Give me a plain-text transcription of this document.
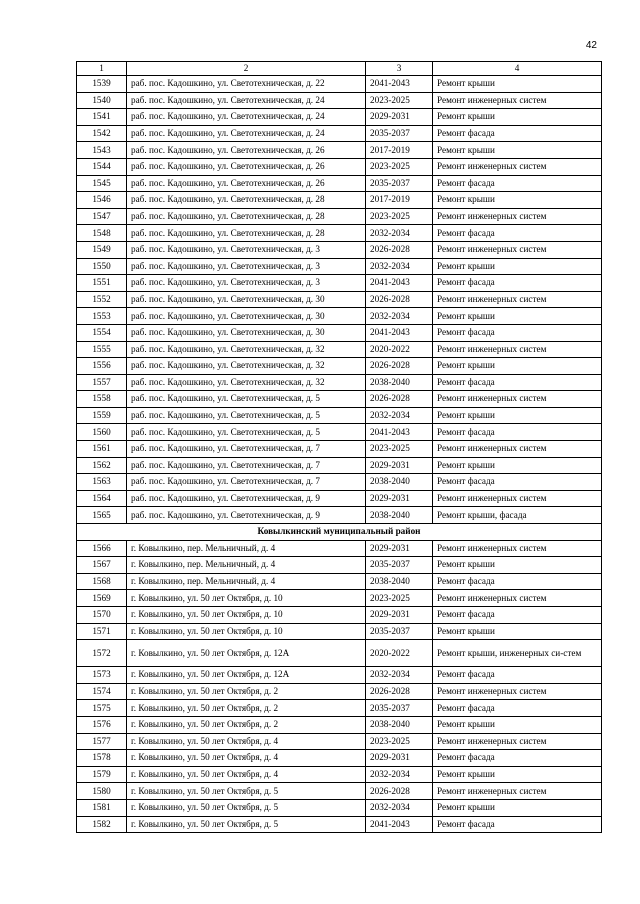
42
1	2	3	4
1539	раб. пос. Кадошкино, ул. Светотехническая, д. 22	2041-2043	Ремонт крыши
1540	раб. пос. Кадошкино, ул. Светотехническая, д. 24	2023-2025	Ремонт инженерных систем
1541	раб. пос. Кадошкино, ул. Светотехническая, д. 24	2029-2031	Ремонт крыши
1542	раб. пос. Кадошкино, ул. Светотехническая, д. 24	2035-2037	Ремонт фасада
1543	раб. пос. Кадошкино, ул. Светотехническая, д. 26	2017-2019	Ремонт крыши
1544	раб. пос. Кадошкино, ул. Светотехническая, д. 26	2023-2025	Ремонт инженерных систем
1545	раб. пос. Кадошкино, ул. Светотехническая, д. 26	2035-2037	Ремонт фасада
1546	раб. пос. Кадошкино, ул. Светотехническая, д. 28	2017-2019	Ремонт крыши
1547	раб. пос. Кадошкино, ул. Светотехническая, д. 28	2023-2025	Ремонт инженерных систем
1548	раб. пос. Кадошкино, ул. Светотехническая, д. 28	2032-2034	Ремонт фасада
1549	раб. пос. Кадошкино, ул. Светотехническая, д. 3	2026-2028	Ремонт инженерных систем
1550	раб. пос. Кадошкино, ул. Светотехническая, д. 3	2032-2034	Ремонт крыши
1551	раб. пос. Кадошкино, ул. Светотехническая, д. 3	2041-2043	Ремонт фасада
1552	раб. пос. Кадошкино, ул. Светотехническая, д. 30	2026-2028	Ремонт инженерных систем
1553	раб. пос. Кадошкино, ул. Светотехническая, д. 30	2032-2034	Ремонт крыши
1554	раб. пос. Кадошкино, ул. Светотехническая, д. 30	2041-2043	Ремонт фасада
1555	раб. пос. Кадошкино, ул. Светотехническая, д. 32	2020-2022	Ремонт инженерных систем
1556	раб. пос. Кадошкино, ул. Светотехническая, д. 32	2026-2028	Ремонт крыши
1557	раб. пос. Кадошкино, ул. Светотехническая, д. 32	2038-2040	Ремонт фасада
1558	раб. пос. Кадошкино, ул. Светотехническая, д. 5	2026-2028	Ремонт инженерных систем
1559	раб. пос. Кадошкино, ул. Светотехническая, д. 5	2032-2034	Ремонт крыши
1560	раб. пос. Кадошкино, ул. Светотехническая, д. 5	2041-2043	Ремонт фасада
1561	раб. пос. Кадошкино, ул. Светотехническая, д. 7	2023-2025	Ремонт инженерных систем
1562	раб. пос. Кадошкино, ул. Светотехническая, д. 7	2029-2031	Ремонт крыши
1563	раб. пос. Кадошкино, ул. Светотехническая, д. 7	2038-2040	Ремонт фасада
1564	раб. пос. Кадошкино, ул. Светотехническая, д. 9	2029-2031	Ремонт инженерных систем
1565	раб. пос. Кадошкино, ул. Светотехническая, д. 9	2038-2040	Ремонт крыши, фасада
Ковылкинский муниципальный район			
1566	г. Ковылкино, пер. Мельничный, д. 4	2029-2031	Ремонт инженерных систем
1567	г. Ковылкино, пер. Мельничный, д. 4	2035-2037	Ремонт крыши
1568	г. Ковылкино, пер. Мельничный, д. 4	2038-2040	Ремонт фасада
1569	г. Ковылкино, ул. 50 лет Октября, д. 10	2023-2025	Ремонт инженерных систем
1570	г. Ковылкино, ул. 50 лет Октября, д. 10	2029-2031	Ремонт фасада
1571	г. Ковылкино, ул. 50 лет Октября, д. 10	2035-2037	Ремонт крыши
1572	г. Ковылкино, ул. 50 лет Октября, д. 12А	2020-2022	Ремонт крыши, инженерных си-стем
1573	г. Ковылкино, ул. 50 лет Октября, д. 12А	2032-2034	Ремонт фасада
1574	г. Ковылкино, ул. 50 лет Октября, д. 2	2026-2028	Ремонт инженерных систем
1575	г. Ковылкино, ул. 50 лет Октября, д. 2	2035-2037	Ремонт фасада
1576	г. Ковылкино, ул. 50 лет Октября, д. 2	2038-2040	Ремонт крыши
1577	г. Ковылкино, ул. 50 лет Октября, д. 4	2023-2025	Ремонт инженерных систем
1578	г. Ковылкино, ул. 50 лет Октября, д. 4	2029-2031	Ремонт фасада
1579	г. Ковылкино, ул. 50 лет Октября, д. 4	2032-2034	Ремонт крыши
1580	г. Ковылкино, ул. 50 лет Октября, д. 5	2026-2028	Ремонт инженерных систем
1581	г. Ковылкино, ул. 50 лет Октября, д. 5	2032-2034	Ремонт крыши
1582	г. Ковылкино, ул. 50 лет Октября, д. 5	2041-2043	Ремонт фасада
